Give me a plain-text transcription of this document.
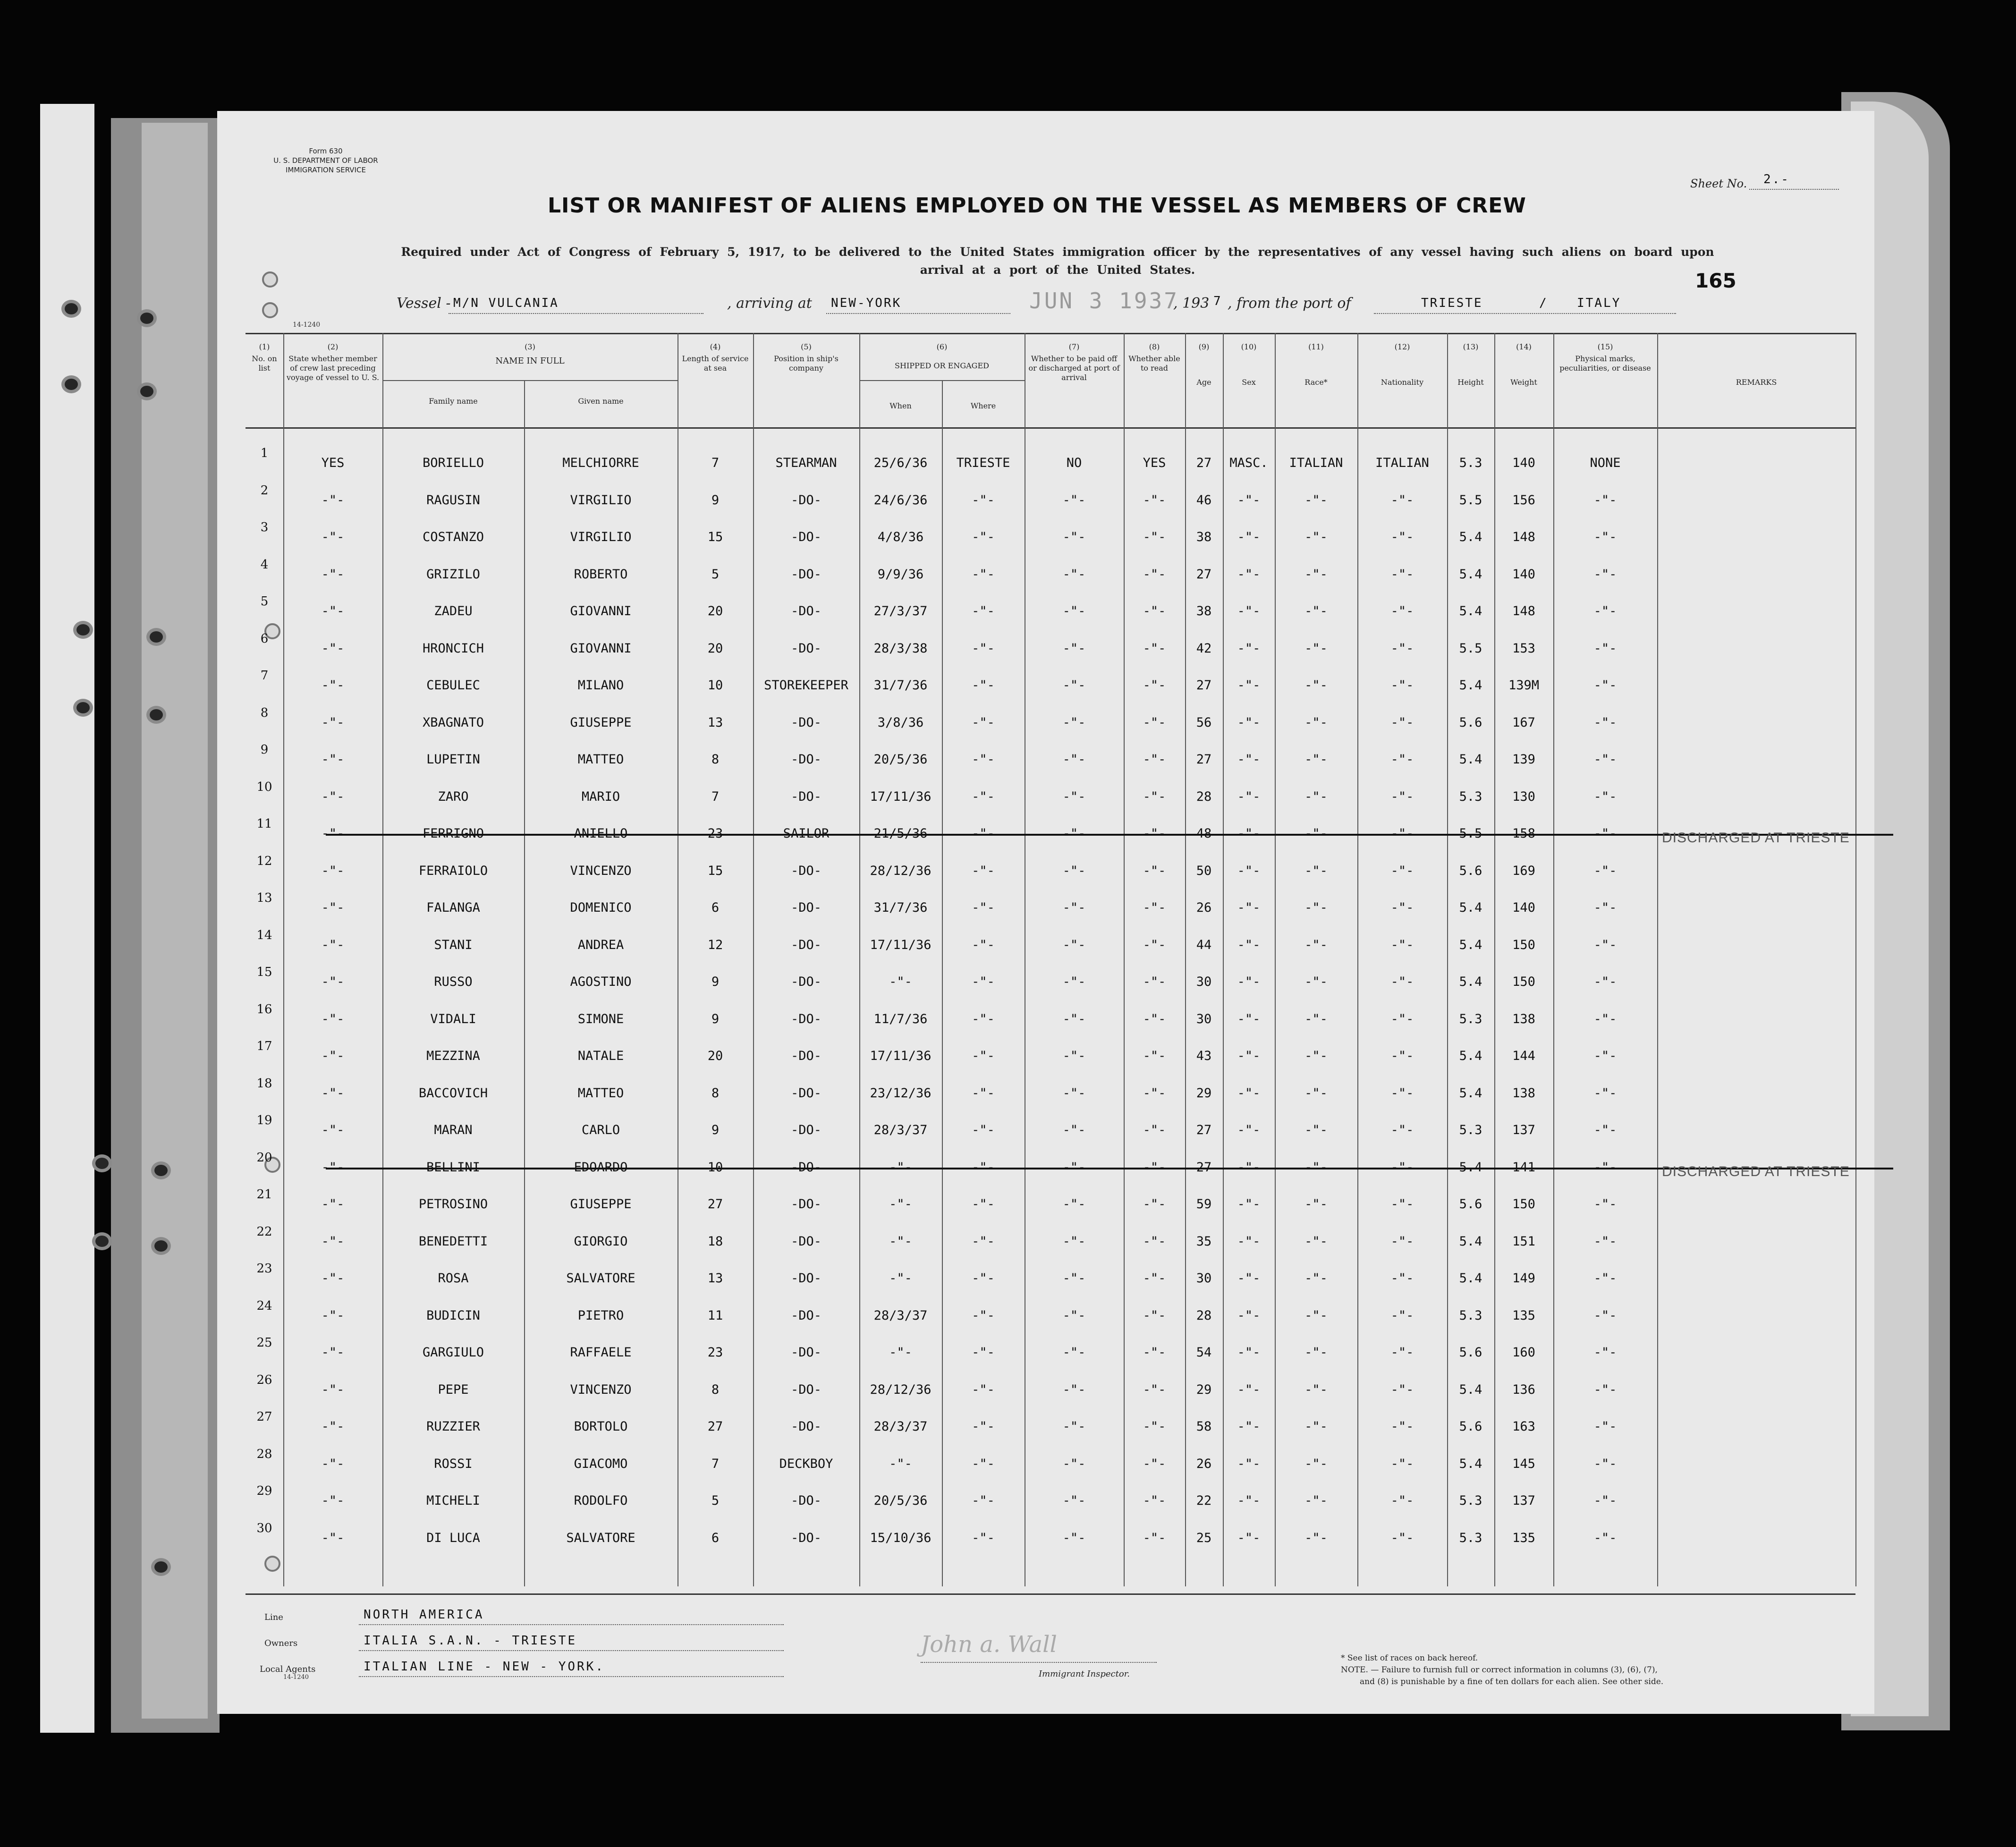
Form 630
U. S. DEPARTMENT OF LABOR
IMMIGRATION SERVICE
14-1240
Sheet No. 2.-
LIST OR MANIFEST OF ALIENS EMPLOYED ON THE VESSEL AS MEMBERS OF CREW
Required under Act of Congress of February 5, 1917, to be delivered to the United States immigration officer by the representatives of any vessel having such aliens on board upon
arrival at a port of the United States.	165
Vessel - M/N VULCANIA	, arriving at NEW-YORK	JUN 3 1937
, 193 7 , from the port of	TRIESTE	/ ITALY
(1)
No. on list
(2)
State whether member of crew last preceding voyage of vessel to U. S.
(4)
Length of service at sea
(5)
Position in ship's company
(7)
Whether to be paid off or discharged at port of arrival
(8)
Whether able to read
(9)
Age
(10)
Sex
(11)
Race*
(12)
Nationality
(13)
Height
(14)
Weight
(15)
Physical marks, peculiarities, or disease
(3)
NAME IN FULL
Family name	Given name
(6)
SHIPPED OR ENGAGED
When	Where
REMARKS
1
YES	BORIELLO	MELCHIORRE	7	STEARMAN	25/6/36	TRIESTE	NO	YES	27	MASC.	ITALIAN	ITALIAN	5.3	140	NONE
2
-"-	RAGUSIN	VIRGILIO	9	-DO-	24/6/36	-"-	-"-	-"-	46	-"-	-"-	-"-	5.5	156	-"-
3
-"-	COSTANZO	VIRGILIO	15	-DO-	4/8/36	-"-	-"-	-"-	38	-"-	-"-	-"-	5.4	148	-"-
4
-"-	GRIZILO	ROBERTO	5	-DO-	9/9/36	-"-	-"-	-"-	27	-"-	-"-	-"-	5.4	140	-"-
5
-"-	ZADEU	GIOVANNI	20	-DO-	27/3/37	-"-	-"-	-"-	38	-"-	-"-	-"-	5.4	148	-"-
6
-"-	HRONCICH	GIOVANNI	20	-DO-	28/3/38	-"-	-"-	-"-	42	-"-	-"-	-"-	5.5	153	-"-
7
-"-	CEBULEC	MILANO	10	STOREKEEPER	31/7/36	-"-	-"-	-"-	27	-"-	-"-	-"-	5.4	139M	-"-
8
-"-	XBAGNATO	GIUSEPPE	13	-DO-	3/8/36	-"-	-"-	-"-	56	-"-	-"-	-"-	5.6	167	-"-
9
-"-	LUPETIN	MATTEO	8	-DO-	20/5/36	-"-	-"-	-"-	27	-"-	-"-	-"-	5.4	139	-"-
10
-"-	ZARO	MARIO	7	-DO-	17/11/36	-"-	-"-	-"-	28	-"-	-"-	-"-	5.3	130	-"-
11
-"-	FERRIGNO	ANIELLO	23	SAILOR	21/5/36	-"-	-"-	-"-	48	-"-	-"-	-"-	5.5	158	-"-	DISCHARGED AT TRIESTE
12
-"-	FERRAIOLO	VINCENZO	15	-DO-	28/12/36	-"-	-"-	-"-	50	-"-	-"-	-"-	5.6	169	-"-
13
-"-	FALANGA	DOMENICO	6	-DO-	31/7/36	-"-	-"-	-"-	26	-"-	-"-	-"-	5.4	140	-"-
14
-"-	STANI	ANDREA	12	-DO-	17/11/36	-"-	-"-	-"-	44	-"-	-"-	-"-	5.4	150	-"-
15
-"-	RUSSO	AGOSTINO	9	-DO-	-"-	-"-	-"-	-"-	30	-"-	-"-	-"-	5.4	150	-"-
16
-"-	VIDALI	SIMONE	9	-DO-	11/7/36	-"-	-"-	-"-	30	-"-	-"-	-"-	5.3	138	-"-
17
-"-	MEZZINA	NATALE	20	-DO-	17/11/36	-"-	-"-	-"-	43	-"-	-"-	-"-	5.4	144	-"-
18
-"-	BACCOVICH	MATTEO	8	-DO-	23/12/36	-"-	-"-	-"-	29	-"-	-"-	-"-	5.4	138	-"-
19
-"-	MARAN	CARLO	9	-DO-	28/3/37	-"-	-"-	-"-	27	-"-	-"-	-"-	5.3	137	-"-
20
-"-	BELLINI	EDOARDO	10	-DO-	-"-	-"-	-"-	-"-	27	-"-	-"-	-"-	5.4	141	-"-	DISCHARGED AT TRIESTE
21
-"-	PETROSINO	GIUSEPPE	27	-DO-	-"-	-"-	-"-	-"-	59	-"-	-"-	-"-	5.6	150	-"-
22
-"-	BENEDETTI	GIORGIO	18	-DO-	-"-	-"-	-"-	-"-	35	-"-	-"-	-"-	5.4	151	-"-
23
-"-	ROSA	SALVATORE	13	-DO-	-"-	-"-	-"-	-"-	30	-"-	-"-	-"-	5.4	149	-"-
24
-"-	BUDICIN	PIETRO	11	-DO-	28/3/37	-"-	-"-	-"-	28	-"-	-"-	-"-	5.3	135	-"-
25
-"-	GARGIULO	RAFFAELE	23	-DO-	-"-	-"-	-"-	-"-	54	-"-	-"-	-"-	5.6	160	-"-
26
-"-	PEPE	VINCENZO	8	-DO-	28/12/36	-"-	-"-	-"-	29	-"-	-"-	-"-	5.4	136	-"-
27
-"-	RUZZIER	BORTOLO	27	-DO-	28/3/37	-"-	-"-	-"-	58	-"-	-"-	-"-	5.6	163	-"-
28
-"-	ROSSI	GIACOMO	7	DECKBOY	-"-	-"-	-"-	-"-	26	-"-	-"-	-"-	5.4	145	-"-
29
-"-	MICHELI	RODOLFO	5	-DO-	20/5/36	-"-	-"-	-"-	22	-"-	-"-	-"-	5.3	137	-"-
30
-"-	DI LUCA	SALVATORE	6	-DO-	15/10/36	-"-	-"-	-"-	25	-"-	-"-	-"-	5.3	135	-"-
Line	NORTH AMERICA
Owners	ITALIA S.A.N. - TRIESTE
Local Agents	ITALIAN LINE - NEW - YORK.
14-1240
John a. Wall
Immigrant Inspector.
* See list of races on back hereof.
NOTE. — Failure to furnish full or correct information in columns (3), (6), (7),
and (8) is punishable by a fine of ten dollars for each alien. See other side.
